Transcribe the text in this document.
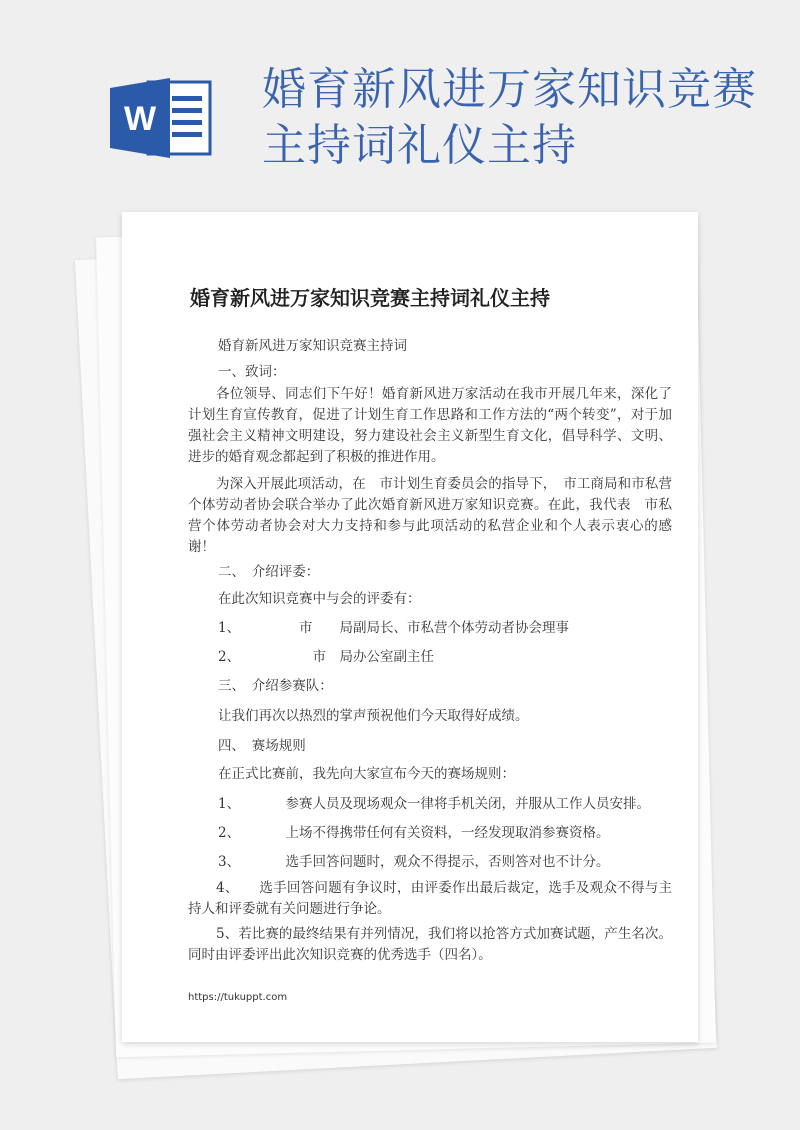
W
婚育新风进万家知识竞赛主持词礼仪主持
婚育新风进万家知识竞赛主持词礼仪主持

婚育新风进万家知识竞赛主持词

一、致词：

各位领导、同志们下午好！婚育新风进万家活动在我市开展几年来，深化了计划生育宣传教育，促进了计划生育工作思路和工作方法的“两个转变”，对于加强社会主义精神文明建设，努力建设社会主义新型生育文化，倡导科学、文明、进步的婚育观念都起到了积极的推进作用。

为深入开展此项活动，在　市计划生育委员会的指导下，　市工商局和市私营个体劳动者协会联合举办了此次婚育新风进万家知识竞赛。在此，我代表　市私营个体劳动者协会对大力支持和参与此项活动的私营企业和个人表示衷心的感谢！

二、　介绍评委：

在此次知识竞赛中与会的评委有：

1、　　市　　局副局长、市私营个体劳动者协会理事

2、　　　市　局办公室副主任

三、　介绍参赛队：

让我们再次以热烈的掌声预祝他们今天取得好成绩。

四、　赛场规则

在正式比赛前，我先向大家宣布今天的赛场规则：

1、　参赛人员及现场观众一律将手机关闭，并服从工作人员安排。

2、　上场不得携带任何有关资料，一经发现取消参赛资格。

3、　选手回答问题时，观众不得提示，否则答对也不计分。

4、　　选手回答问题有争议时，由评委作出最后裁定，选手及观众不得与主持人和评委就有关问题进行争论。

5、若比赛的最终结果有并列情况，我们将以抢答方式加赛试题，产生名次。同时由评委评出此次知识竞赛的优秀选手（四名）。

https://tukuppt.com
